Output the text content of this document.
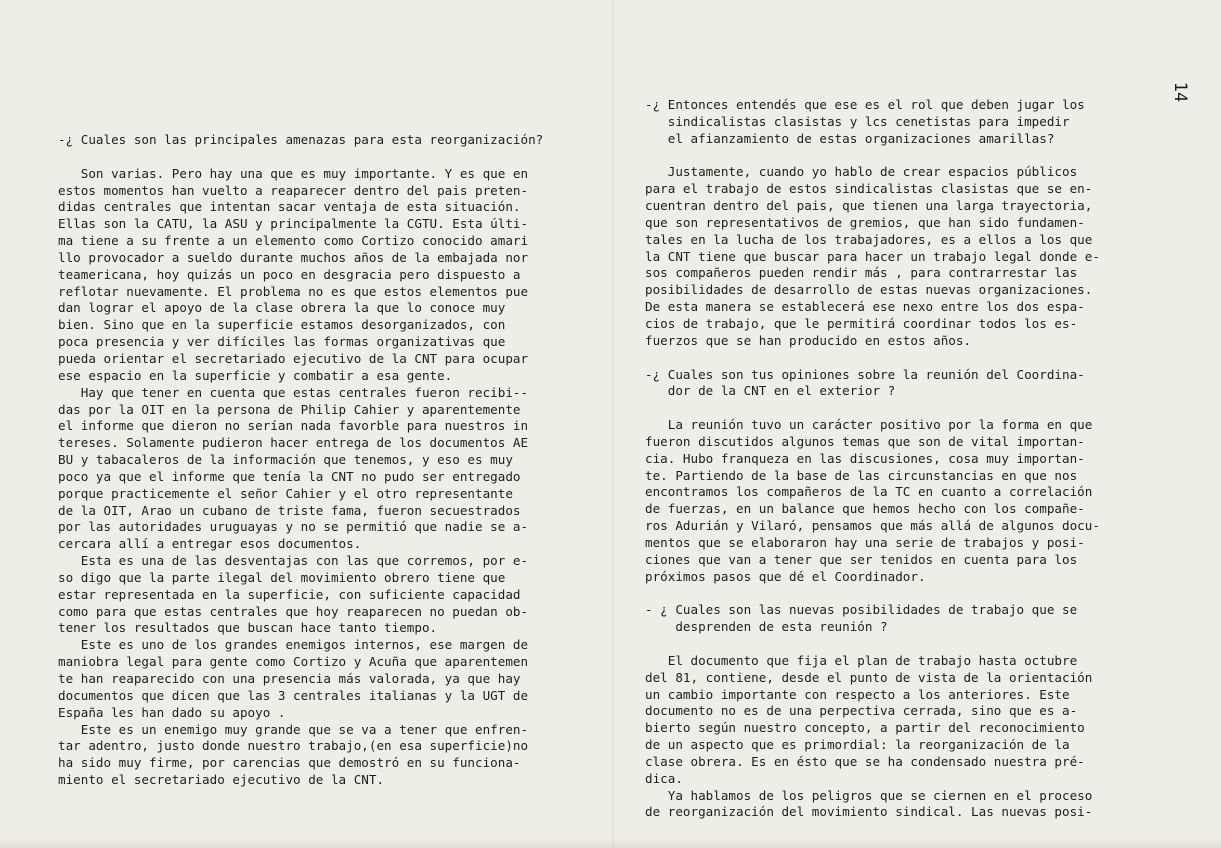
14
-¿ Cuales son las principales amenazas para esta reorganización?

Son varias. Pero hay una que es muy importante. Y es que en
estos momentos han vuelto a reaparecer dentro del pais preten-
didas centrales que intentan sacar ventaja de esta situación.
Ellas son la CATU, la ASU y principalmente la CGTU. Esta últi-
ma tiene a su frente a un elemento como Cortizo conocido amari
llo provocador a sueldo durante muchos años de la embajada nor
teamericana, hoy quizás un poco en desgracia pero dispuesto a
reflotar nuevamente. El problema no es que estos elementos pue
dan lograr el apoyo de la clase obrera la que lo conoce muy
bien. Sino que en la superficie estamos desorganizados, con
poca presencia y ver difíciles las formas organizativas que
pueda orientar el secretariado ejecutivo de la CNT para ocupar
ese espacio en la superficie y combatir a esa gente.
Hay que tener en cuenta que estas centrales fueron recibi--
das por la OIT en la persona de Philip Cahier y aparentemente
el informe que dieron no serían nada favorble para nuestros in
tereses. Solamente pudieron hacer entrega de los documentos AE
BU y tabacaleros de la información que tenemos, y eso es muy
poco ya que el informe que tenía la CNT no pudo ser entregado
porque practicemente el señor Cahier y el otro representante
de la OIT, Arao un cubano de triste fama, fueron secuestrados
por las autoridades uruguayas y no se permitió que nadie se a-
cercara allí a entregar esos documentos.
Esta es una de las desventajas con las que corremos, por e-
so digo que la parte ilegal del movimiento obrero tiene que
estar representada en la superficie, con suficiente capacidad
como para que estas centrales que hoy reaparecen no puedan ob-
tener los resultados que buscan hace tanto tiempo.
Este es uno de los grandes enemigos internos, ese margen de
maniobra legal para gente como Cortizo y Acuña que aparentemen
te han reaparecido con una presencia más valorada, ya que hay
documentos que dicen que las 3 centrales italianas y la UGT de
España les han dado su apoyo .
Este es un enemigo muy grande que se va a tener que enfren-
tar adentro, justo donde nuestro trabajo,(en esa superficie)no
ha sido muy firme, por carencias que demostró en su funciona-
miento el secretariado ejecutivo de la CNT.
-¿ Entonces entendés que ese es el rol que deben jugar los
sindicalistas clasistas y lcs cenetistas para impedir
el afianzamiento de estas organizaciones amarillas?

Justamente, cuando yo hablo de crear espacios públicos
para el trabajo de estos sindicalistas clasistas que se en-
cuentran dentro del pais, que tienen una larga trayectoria,
que son representativos de gremios, que han sido fundamen-
tales en la lucha de los trabajadores, es a ellos a los que
la CNT tiene que buscar para hacer un trabajo legal donde e-
sos compañeros pueden rendir más , para contrarrestar las
posibilidades de desarrollo de estas nuevas organizaciones.
De esta manera se establecerá ese nexo entre los dos espa-
cios de trabajo, que le permitirá coordinar todos los es-
fuerzos que se han producido en estos años.

-¿ Cuales son tus opiniones sobre la reunión del Coordina-
dor de la CNT en el exterior ?

La reunión tuvo un carácter positivo por la forma en que
fueron discutidos algunos temas que son de vital importan-
cia. Hubo franqueza en las discusiones, cosa muy importan-
te. Partiendo de la base de las circunstancias en que nos
encontramos los compañeros de la TC en cuanto a correlación
de fuerzas, en un balance que hemos hecho con los compañe-
ros Adurián y Vilaró, pensamos que más allá de algunos docu-
mentos que se elaboraron hay una serie de trabajos y posi-
ciones que van a tener que ser tenidos en cuenta para los
próximos pasos que dé el Coordinador.

- ¿ Cuales son las nuevas posibilidades de trabajo que se
desprenden de esta reunión ?

El documento que fija el plan de trabajo hasta octubre
del 81, contiene, desde el punto de vista de la orientación
un cambio importante con respecto a los anteriores. Este
documento no es de una perpectiva cerrada, sino que es a-
bierto según nuestro concepto, a partir del reconocimiento
de un aspecto que es primordial: la reorganización de la
clase obrera. Es en ésto que se ha condensado nuestra pré-
dica.
Ya hablamos de los peligros que se ciernen en el proceso
de reorganización del movimiento sindical. Las nuevas posi-
